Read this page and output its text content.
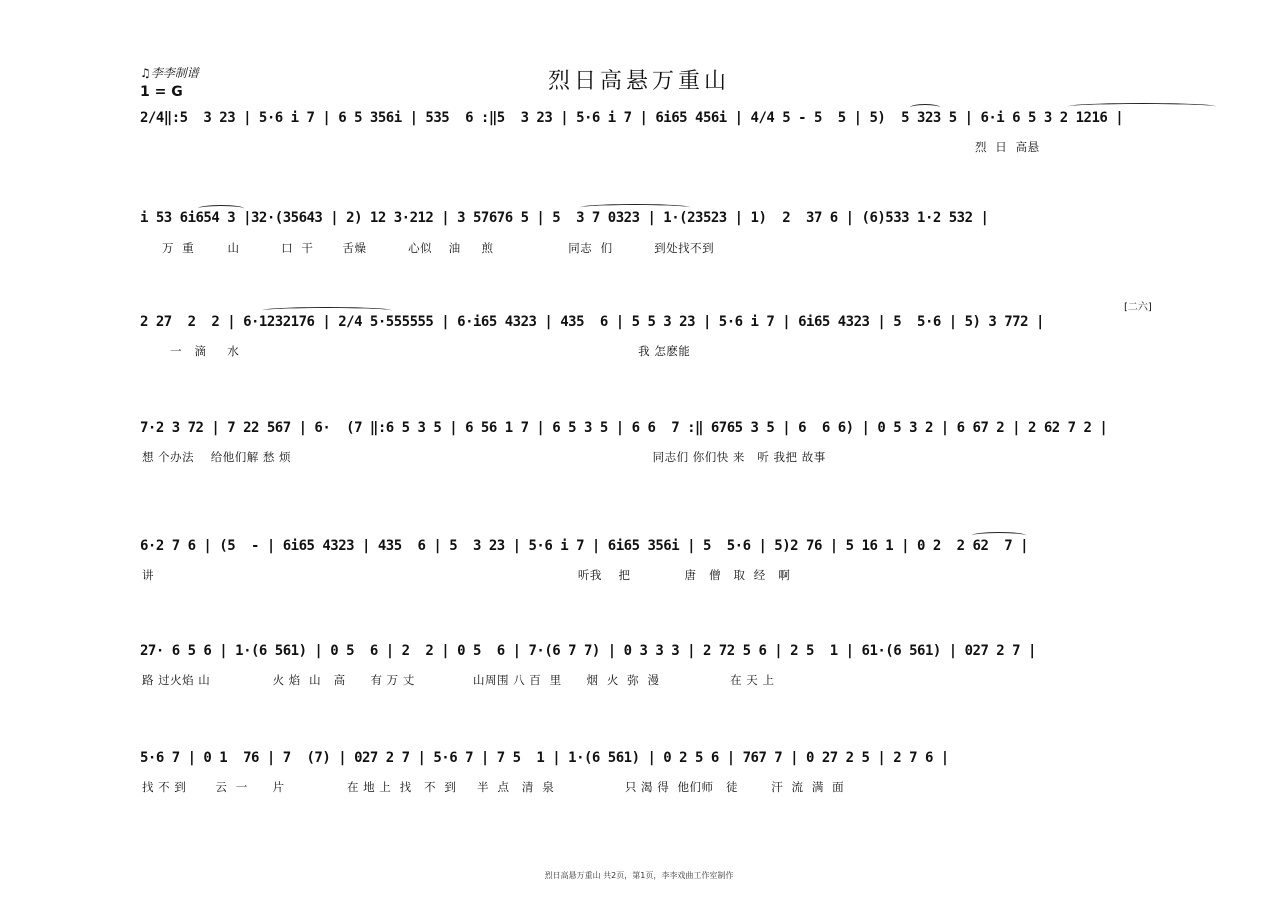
♫李李制谱
1 = G	烈日高悬万重山
2/4‖:5  3 23 | 5·6 i 7 | 6 5 356i | 535  6 :‖5  3 23 | 5·6 i 7 | 6i65 456i | 4/4 5 - 5  5 | 5)  5 323 5 | 6·i 6 5 3 2 1216 |
烈  日  高悬
i 53 6i654 3 |32·(35643 | 2) 12 3·212 | 3 57676 5 | 5  3 7 0323 | 1·(23523 | 1)  2  37 6 | (6)533 1·2 532 |
万  重        山          口  干       舌燥          心似    油     煎                  同志  们          到处找不到
[二六]
2 27  2  2 | 6·1232176 | 2/4 5·555555 | 6·i65 4323 | 435  6 | 5 5 3 23 | 5·6 i 7 | 6i65 4323 | 5  5·6 | 5) 3 772 |
一   滴     水                                                                                                我 怎麽能
7·2 3 72 | 7 22 567 | 6·  (7 ‖:6 5 3 5 | 6 56 1 7 | 6 5 3 5 | 6 6  7 :‖ 6765 3 5 | 6  6 6) | 0 5 3 2 | 6 67 2 | 2 62 7 2 |
想 个办法    给他们解 愁 烦                                                                                       同志们 你们快 来   听 我把 故事
6·2 7 6 | (5  - | 6i65 4323 | 435  6 | 5  3 23 | 5·6 i 7 | 6i65 356i | 5  5·6 | 5)2 76 | 5 16 1 | 0 2  2 62  7 |
讲                                                                                                      听我    把             唐   僧   取  经   啊
27· 6 5 6 | 1·(6 561) | 0 5  6 | 2  2 | 0 5  6 | 7·(6 7 7) | 0 3 3 3 | 2 72 5 6 | 2 5  1 | 61·(6 561) | 027 2 7 |
路 过火焰 山               火 焰  山   高      有 万 丈              山周围 八 百  里      烟  火  弥  漫                 在 天 上
5·6 7 | 0 1  76 | 7  (7) | 027 2 7 | 5·6 7 | 7 5  1 | 1·(6 561) | 0 2 5 6 | 767 7 | 0 27 2 5 | 2 7 6 |
找 不 到       云  一      片               在 地 上  找   不  到     半  点   清  泉                 只 渴 得  他们师   徒        汗  流  满  面
烈日高悬万重山 共2页，第1页，李李戏曲工作室制作
